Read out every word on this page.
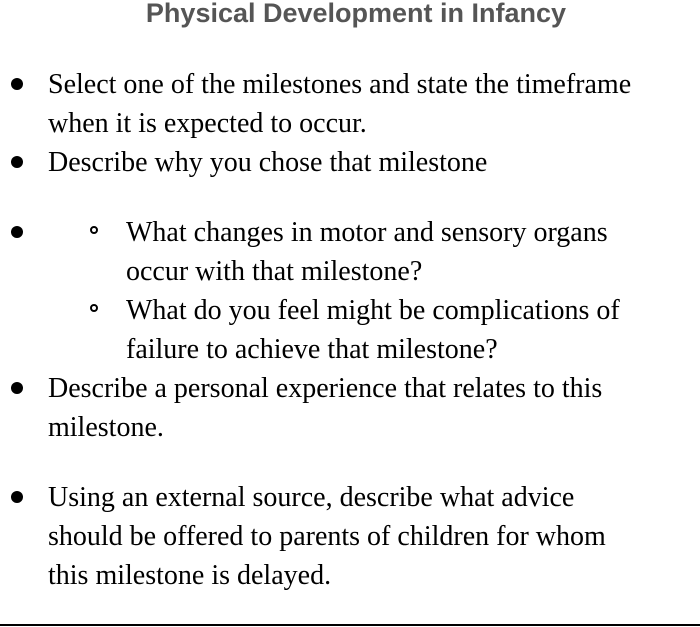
Physical Development in Infancy
Select one of the milestones and state the timeframe
when it is expected to occur.
Describe why you chose that milestone
What changes in motor and sensory organs
occur with that milestone?
What do you feel might be complications of
failure to achieve that milestone?
Describe a personal experience that relates to this
milestone.
Using an external source, describe what advice
should be offered to parents of children for whom
this milestone is delayed.
